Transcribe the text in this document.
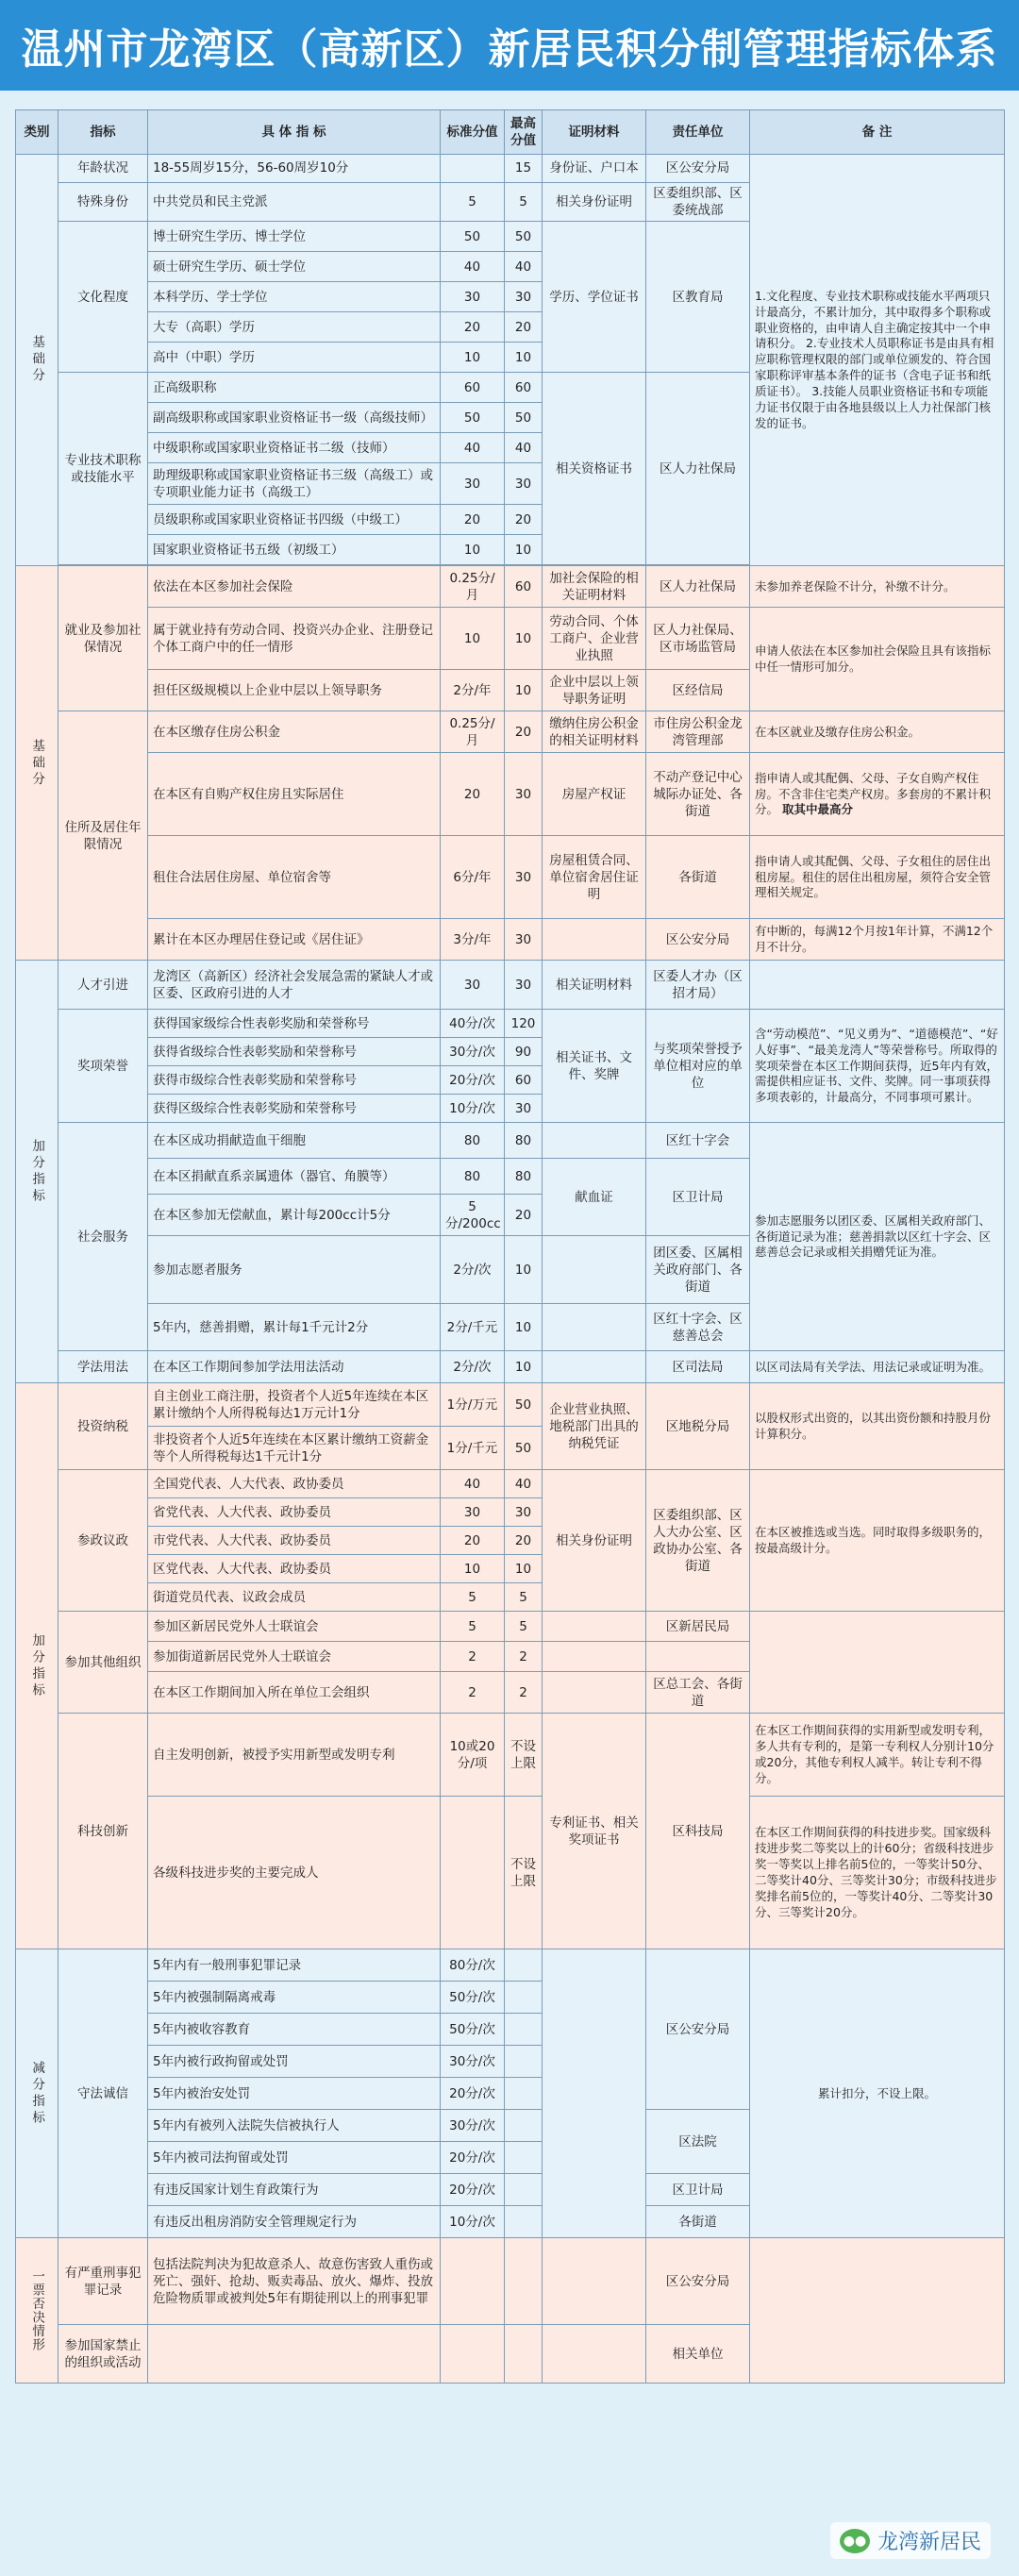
温州市龙湾区（高新区）新居民积分制管理指标体系
类别	指标	具 体 指 标	标准分值	最高分值	证明材料	责任单位	备 注
基础分	年龄状况	18-55周岁15分，56-60周岁10分		15	身份证、户口本	区公安分局	1.文化程度、专业技术职称或技能水平两项只计最高分，不累计加分，其中取得多个职称或职业资格的，由申请人自主确定按其中一个申请积分。 2.专业技术人员职称证书是由具有相应职称管理权限的部门或单位颁发的、符合国家职称评审基本条件的证书（含电子证书和纸质证书）。 3.技能人员职业资格证书和专项能力证书仅限于由各地县级以上人力社保部门核发的证书。
	特殊身份	中共党员和民主党派	5	5	相关身份证明	区委组织部、区委统战部	
	文化程度	博士研究生学历、博士学位	50	50	学历、学位证书	区教育局	
		硕士研究生学历、硕士学位	40	40			
		本科学历、学士学位	30	30			
		大专（高职）学历	20	20			
		高中（中职）学历	10	10			
	专业技术职称或技能水平	正高级职称	60	60	相关资格证书	区人力社保局	
		副高级职称或国家职业资格证书一级（高级技师）	50	50			
		中级职称或国家职业资格证书二级（技师）	40	40			
		助理级职称或国家职业资格证书三级（高级工）或专项职业能力证书（高级工）	30	30			
		员级职称或国家职业资格证书四级（中级工）	20	20			
		国家职业资格证书五级（初级工）	10	10			

基础分	就业及参加社保情况	依法在本区参加社会保险	0.25分/月	60	加社会保险的相关证明材料	区人力社保局	未参加养老保险不计分，补缴不计分。
		属于就业持有劳动合同、投资兴办企业、注册登记个体工商户中的任一情形	10	10	劳动合同、个体工商户、企业营业执照	区人力社保局、区市场监管局	申请人依法在本区参加社会保险且具有该指标中任一情形可加分。
		担任区级规模以上企业中层以上领导职务	2分/年	10	企业中层以上领导职务证明	区经信局	
	住所及居住年限情况	在本区缴存住房公积金	0.25分/月	20	缴纳住房公积金的相关证明材料	市住房公积金龙湾管理部	在本区就业及缴存住房公积金。
		在本区有自购产权住房且实际居住	20	30	房屋产权证	不动产登记中心城际办证处、各街道	指申请人或其配偶、父母、子女自购产权住房。不含非住宅类产权房。多套房的不累计积分。 取其中最高分
		租住合法居住房屋、单位宿舍等	6分/年	30	房屋租赁合同、单位宿舍居住证明	各街道	指申请人或其配偶、父母、子女租住的居住出租房屋。租住的居住出租房屋，须符合安全管理相关规定。
		累计在本区办理居住登记或《居住证》	3分/年	30		区公安分局	有中断的，每满12个月按1年计算，不满12个月不计分。
加分指标	人才引进	龙湾区（高新区）经济社会发展急需的紧缺人才或区委、区政府引进的人才	30	30	相关证明材料	区委人才办（区招才局）	
	奖项荣誉	获得国家级综合性表彰奖励和荣誉称号	40分/次	120	相关证书、文件、奖牌	与奖项荣誉授予单位相对应的单位	含“劳动模范”、“见义勇为”、“道德模范”、“好人好事”、“最美龙湾人”等荣誉称号。所取得的奖项荣誉在本区工作期间获得，近5年内有效，需提供相应证书、文件、奖牌。同一事项获得多项表彰的，计最高分，不同事项可累计。
		获得省级综合性表彰奖励和荣誉称号	30分/次	90			
		获得市级综合性表彰奖励和荣誉称号	20分/次	60			
		获得区级综合性表彰奖励和荣誉称号	10分/次	30			
	社会服务	在本区成功捐献造血干细胞	80	80		区红十字会	参加志愿服务以团区委、区属相关政府部门、各街道记录为准；慈善捐款以区红十字会、区慈善总会记录或相关捐赠凭证为准。
		在本区捐献直系亲属遗体（器官、角膜等）	80	80	献血证	区卫计局	
		在本区参加无偿献血，累计每200cc计5分	5分/200cc	20			
		参加志愿者服务	2分/次	10		团区委、区属相关政府部门、各街道	
		5年内，慈善捐赠，累计每1千元计2分	2分/千元	10		区红十字会、区慈善总会	
	学法用法	在本区工作期间参加学法用法活动	2分/次	10		区司法局	以区司法局有关学法、用法记录或证明为准。
加分指标	投资纳税	自主创业工商注册，投资者个人近5年连续在本区累计缴纳个人所得税每达1万元计1分	1分/万元	50	企业营业执照、地税部门出具的纳税凭证	区地税分局	以股权形式出资的，以其出资份额和持股月份计算积分。
		非投资者个人近5年连续在本区累计缴纳工资薪金等个人所得税每达1千元计1分	1分/千元	50			
	参政议政	全国党代表、人大代表、政协委员	40	40	相关身份证明	区委组织部、区人大办公室、区政协办公室、各街道	在本区被推选或当选。同时取得多级职务的，按最高级计分。
		省党代表、人大代表、政协委员	30	30			
		市党代表、人大代表、政协委员	20	20			
		区党代表、人大代表、政协委员	10	10			
		街道党员代表、议政会成员	5	5			
	参加其他组织	参加区新居民党外人士联谊会	5	5		区新居民局	
		参加街道新居民党外人士联谊会	2	2			
		在本区工作期间加入所在单位工会组织	2	2		区总工会、各街道	
	科技创新	自主发明创新，被授予实用新型或发明专利	10或20分/项	不设上限	专利证书、相关奖项证书	区科技局	在本区工作期间获得的实用新型或发明专利，多人共有专利的，是第一专利权人分别计10分或20分，其他专利权人减半。转让专利不得分。
		各级科技进步奖的主要完成人		不设上限			在本区工作期间获得的科技进步奖。国家级科技进步奖二等奖以上的计60分；省级科技进步奖一等奖以上排名前5位的，一等奖计50分、二等奖计40分、三等奖计30分；市级科技进步奖排名前5位的，一等奖计40分、二等奖计30分、三等奖计20分。
减分指标	守法诚信	5年内有一般刑事犯罪记录	80分/次			区公安分局	累计扣分，不设上限。
		5年内被强制隔离戒毒	50分/次				
		5年内被收容教育	50分/次				
		5年内被行政拘留或处罚	30分/次				
		5年内被治安处罚	20分/次				
		5年内有被列入法院失信被执行人	30分/次			区法院	
		5年内被司法拘留或处罚	20分/次				
		有违反国家计划生育政策行为	20分/次			区卫计局	
		有违反出租房消防安全管理规定行为	10分/次			各街道	
一票否决情形	有严重刑事犯罪记录	包括法院判决为犯故意杀人、故意伤害致人重伤或死亡、强奸、抢劫、贩卖毒品、放火、爆炸、投放危险物质罪或被判处5年有期徒刑以上的刑事犯罪				区公安分局	
	参加国家禁止的组织或活动					相关单位	
●● 龙湾新居民
